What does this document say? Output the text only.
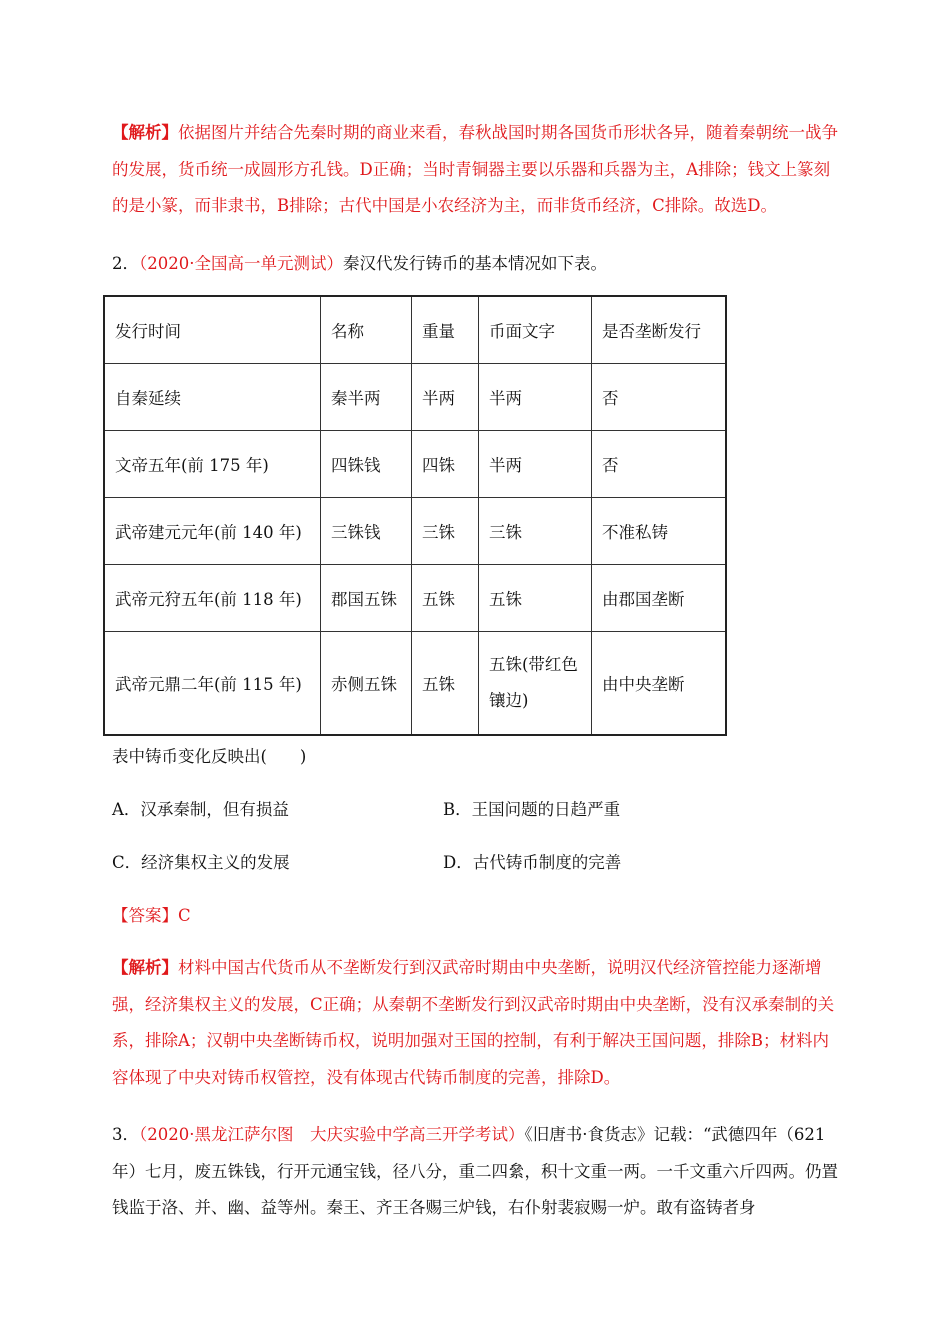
【解析】依据图片并结合先秦时期的商业来看，春秋战国时期各国货币形状各异，随着秦朝统一战争的发展，货币统一成圆形方孔钱。D正确；当时青铜器主要以乐器和兵器为主，A排除；钱文上篆刻的是小篆，而非隶书，B排除；古代中国是小农经济为主，而非货币经济，C排除。故选D。
2．（2020·全国高一单元测试）秦汉代发行铸币的基本情况如下表。
发行时间	名称	重量	币面文字	是否垄断发行
自秦延续	秦半两	半两	半两	否
文帝五年(前 175 年)	四铢钱	四铢	半两	否
武帝建元元年(前 140 年)	三铢钱	三铢	三铢	不准私铸
武帝元狩五年(前 118 年)	郡国五铢	五铢	五铢	由郡国垄断
武帝元鼎二年(前 115 年)	赤侧五铢	五铢	五铢(带红色镶边)	由中央垄断
表中铸币变化反映出(　　)
A．汉承秦制，但有损益	B．王国问题的日趋严重
C．经济集权主义的发展	D．古代铸币制度的完善
【答案】C
【解析】材料中国古代货币从不垄断发行到汉武帝时期由中央垄断，说明汉代经济管控能力逐渐增强，经济集权主义的发展，C正确；从秦朝不垄断发行到汉武帝时期由中央垄断，没有汉承秦制的关系，排除A；汉朝中央垄断铸币权，说明加强对王国的控制，有利于解决王国问题，排除B；材料内容体现了中央对铸币权管控，没有体现古代铸币制度的完善，排除D。
3．（2020·黑龙江萨尔图　大庆实验中学高三开学考试）《旧唐书·食货志》记载：“武德四年（621年）七月，废五铢钱，行开元通宝钱，径八分，重二四絫，积十文重一两。一千文重六斤四两。仍置钱监于洛、并、幽、益等州。秦王、齐王各赐三炉钱，右仆射裴寂赐一炉。敢有盗铸者身
